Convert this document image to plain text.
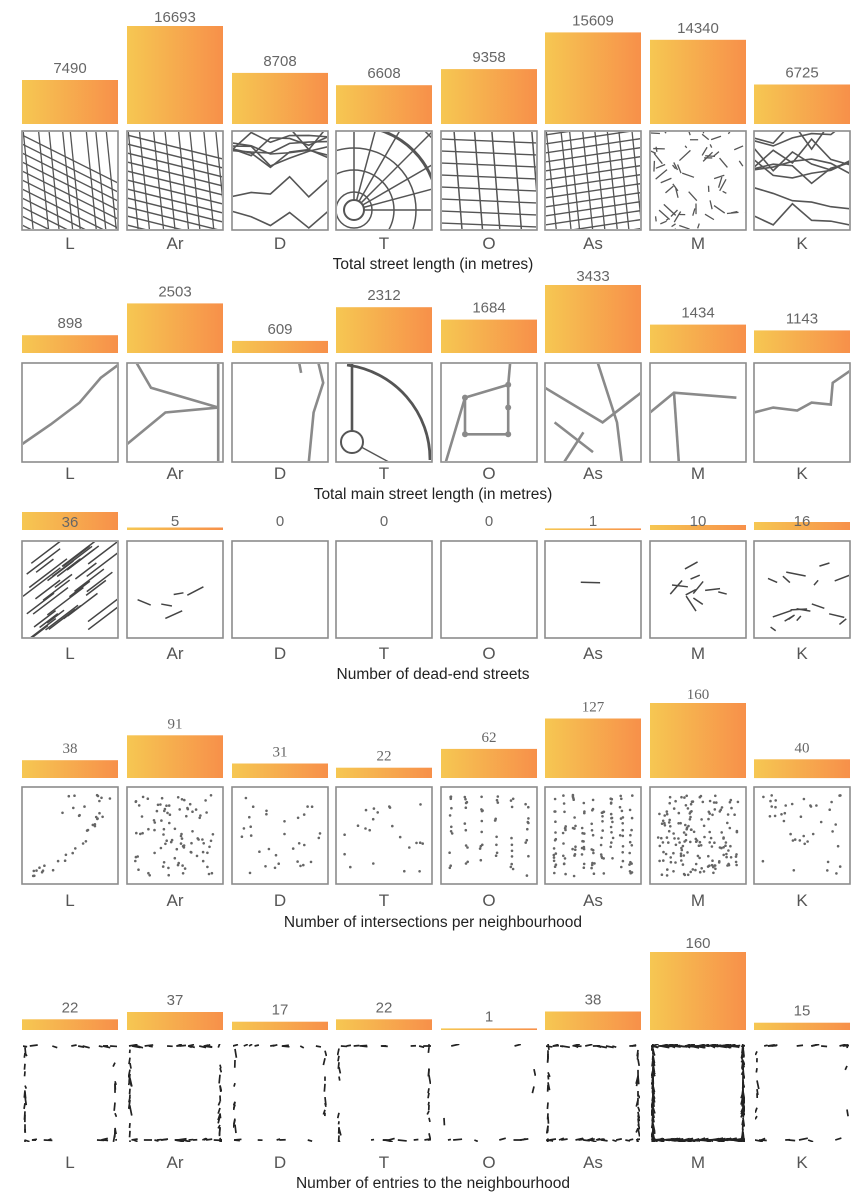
7490
L
16693
Ar
8708
D
6608
T
9358
O
15609
As
14340
M
6725
K
Total street length (in metres)
898
L
2503
Ar
609
D
2312
T
1684
O
3433
As
1434
M
1143
K
Total main street length (in metres)
36
L
5
Ar
0
D
0
T
0
O
1
As
10
M
16
K
Number of dead-end streets
38
L
91
Ar
31
D
22
T
62
O
127
As
160
M
40
K
Number of intersections per neighbourhood
22
L
37
Ar
17
D
22
T
1
O
38
As
160
M
15
K
Number of entries to the neighbourhood
